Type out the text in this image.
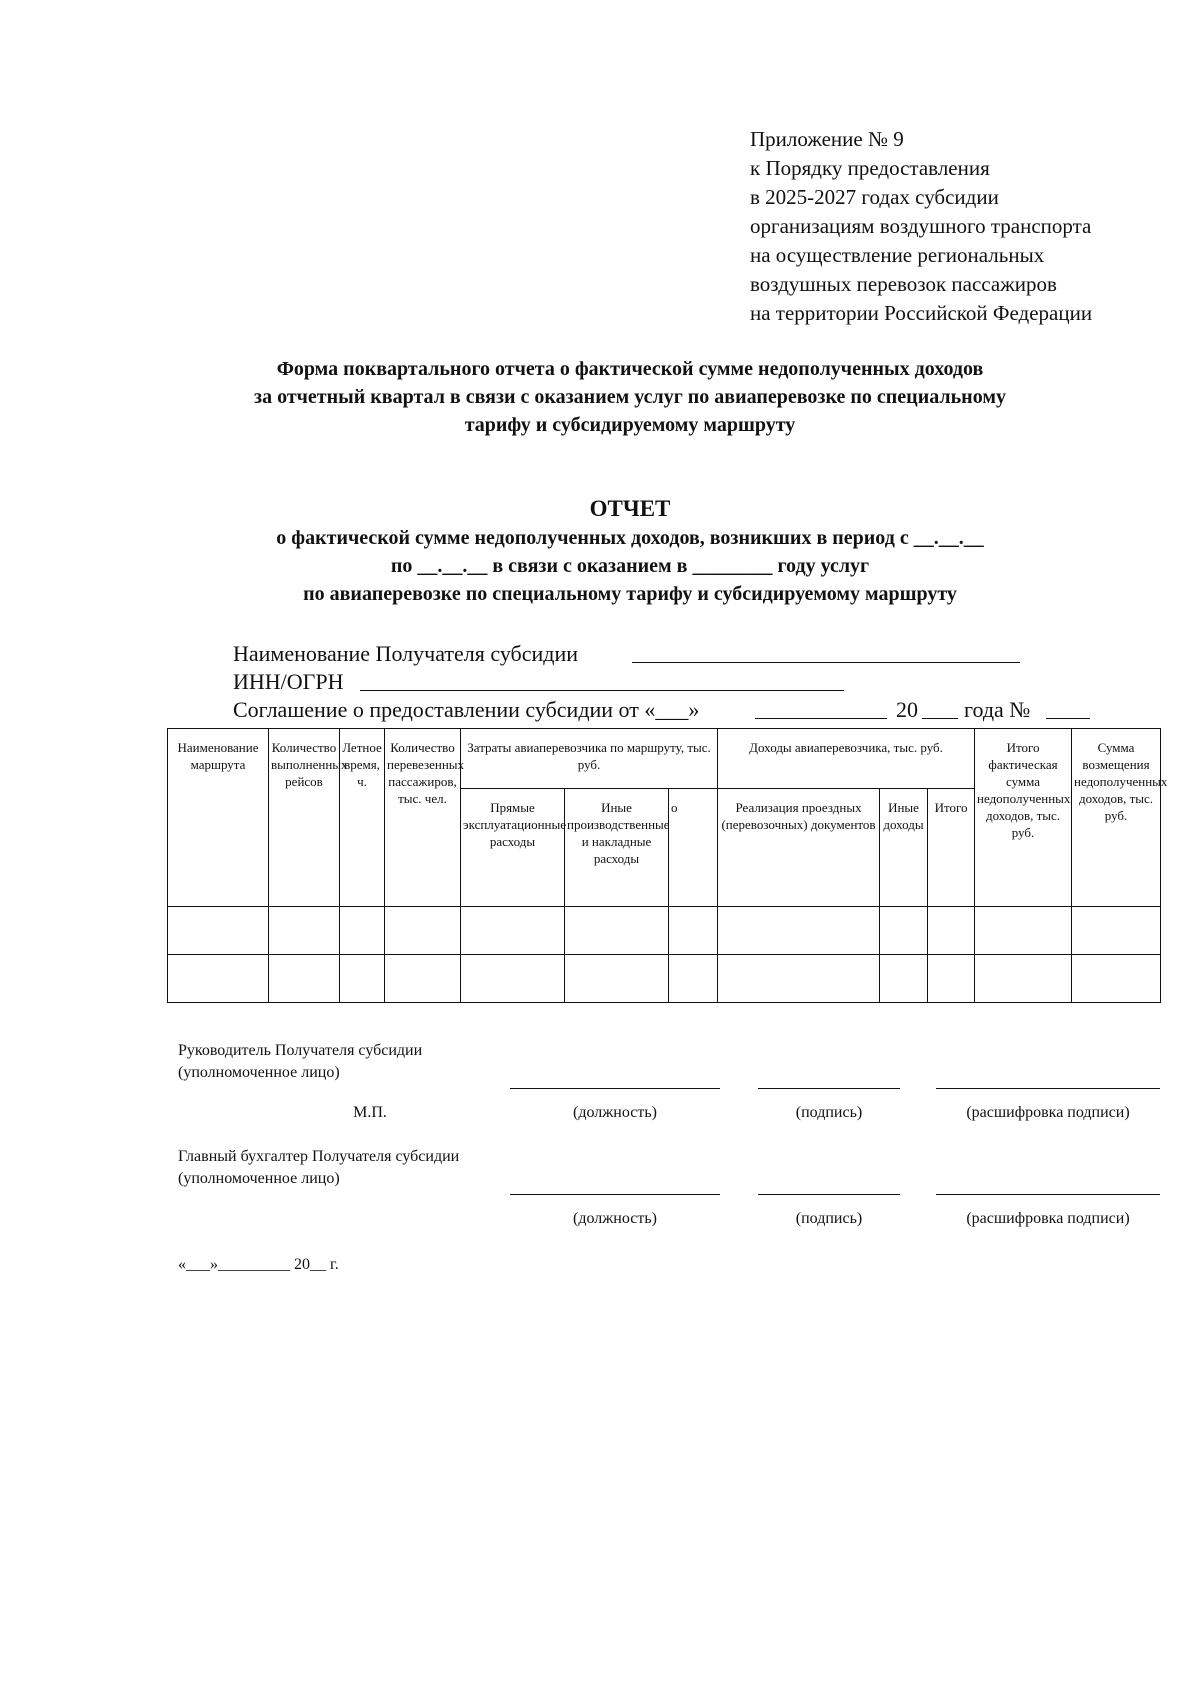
Приложение № 9
к Порядку предоставления
в 2025-2027 годах субсидии
организациям воздушного транспорта
на осуществление региональных
воздушных перевозок пассажиров
на территории Российской Федерации
Форма поквартального отчета о фактической сумме недополученных доходов
за отчетный квартал в связи с оказанием услуг по авиаперевозке по специальному
тарифу и субсидируемому маршруту
ОТЧЕТ
о фактической сумме недополученных доходов, возникших в период с __.__.__
по __.__.__ в связи с оказанием в ________ году услуг
по авиаперевозке по специальному тарифу и субсидируемому маршруту
Наименование Получателя субсидии
ИНН/ОГРН
Соглашение о предоставлении субсидии от «___»	20 года №
Наименование маршрута	Количество выполненных рейсов	Летное время, ч.	Количество перевезенных пассажиров, тыс. чел.	Затраты авиаперевозчика по маршруту, тыс. руб.			Доходы авиаперевозчика, тыс. руб.			Итого фактическая сумма недополученных доходов, тыс. руб.	Сумма возмещения недополученных доходов, тыс. руб.
				Прямые эксплуатационные расходы	Иные производственные и накладные расходы	о	Реализация проездных (перевозочных) документов	Иные доходы	Итого		

Руководитель Получателя субсидии
(уполномоченное лицо)
М.П.	(должность)	(подпись)	(расшифровка подписи)
Главный бухгалтер Получателя субсидии
(уполномоченное лицо)
(должность)	(подпись)	(расшифровка подписи)
«___»_________ 20__ г.
